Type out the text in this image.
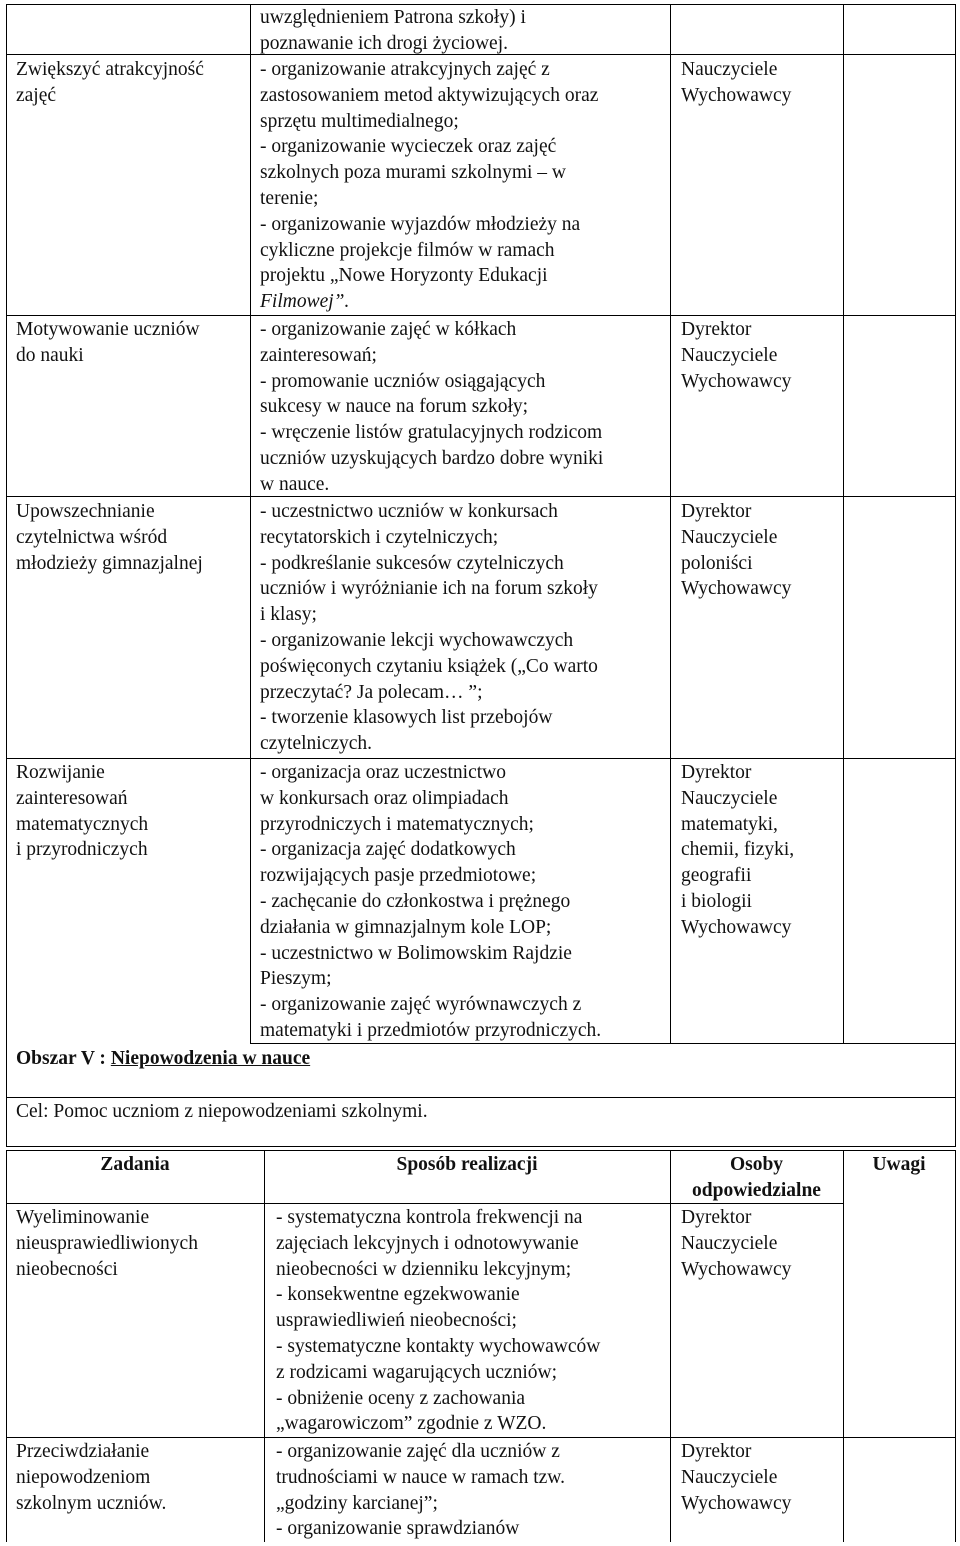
uwzględnieniem Patrona szkoły) i
poznawanie ich drogi życiowej.
Zwiększyć atrakcyjność
zajęć
- organizowanie atrakcyjnych zajęć z
zastosowaniem metod aktywizujących oraz
sprzętu multimedialnego;
- organizowanie wycieczek oraz zajęć
szkolnych poza murami szkolnymi – w
terenie;
- organizowanie wyjazdów młodzieży na
cykliczne projekcje filmów w ramach
projektu „Nowe Horyzonty Edukacji
Filmowej”.
Nauczyciele
Wychowawcy
Motywowanie uczniów
do nauki
- organizowanie zajęć w kółkach
zainteresowań;
- promowanie uczniów osiągających
sukcesy w nauce na forum szkoły;
- wręczenie listów gratulacyjnych rodzicom
uczniów uzyskujących bardzo dobre wyniki
w nauce.
Dyrektor
Nauczyciele
Wychowawcy
Upowszechnianie
czytelnictwa wśród
młodzieży gimnazjalnej
- uczestnictwo uczniów w konkursach
recytatorskich i czytelniczych;
- podkreślanie sukcesów czytelniczych
uczniów i wyróżnianie ich na forum szkoły
i klasy;
- organizowanie lekcji wychowawczych
poświęconych czytaniu książek („Co warto
przeczytać? Ja polecam… ”;
- tworzenie klasowych list przebojów
czytelniczych.
Dyrektor
Nauczyciele
poloniści
Wychowawcy
Rozwijanie
zainteresowań
matematycznych
i przyrodniczych
- organizacja oraz uczestnictwo
w konkursach oraz olimpiadach
przyrodniczych i matematycznych;
- organizacja zajęć dodatkowych
rozwijających pasje przedmiotowe;
- zachęcanie do członkostwa i prężnego
działania w gimnazjalnym kole LOP;
- uczestnictwo w Bolimowskim Rajdzie
Pieszym;
- organizowanie zajęć wyrównawczych z
matematyki i przedmiotów przyrodniczych.
Dyrektor
Nauczyciele
matematyki,
chemii, fizyki,
geografii
i biologii
Wychowawcy
Obszar V : Niepowodzenia w nauce
Cel: Pomoc uczniom z niepowodzeniami szkolnymi.
Zadania	Sposób realizacji	Osoby
odpowiedzialne
Uwagi
Wyeliminowanie
nieusprawiedliwionych
nieobecności
- systematyczna kontrola frekwencji na
zajęciach lekcyjnych i odnotowywanie
nieobecności w dzienniku lekcyjnym;
- konsekwentne egzekwowanie
usprawiedliwień nieobecności;
- systematyczne kontakty wychowawców
z rodzicami wagarujących uczniów;
- obniżenie oceny z zachowania
„wagarowiczom” zgodnie z WZO.
Dyrektor
Nauczyciele
Wychowawcy
Przeciwdziałanie
niepowodzeniom
szkolnym uczniów.
- organizowanie zajęć dla uczniów z
trudnościami w nauce w ramach tzw.
„godziny karcianej”;
- organizowanie sprawdzianów
Dyrektor
Nauczyciele
Wychowawcy
